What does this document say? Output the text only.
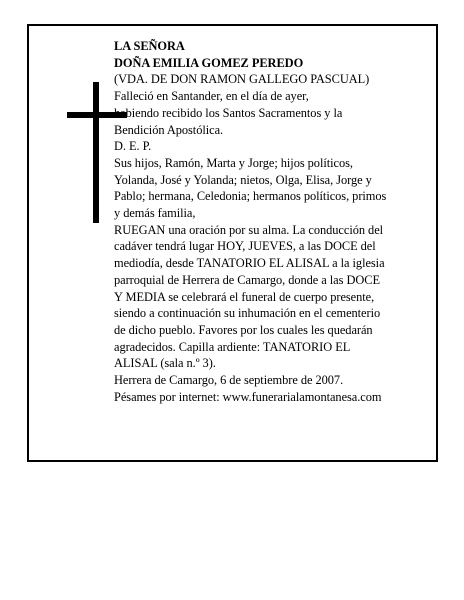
LA SEÑORA
DOÑA EMILIA GOMEZ PEREDO
(VDA. DE DON RAMON GALLEGO PASCUAL)
Falleció en Santander, en el día de ayer,
habiendo recibido los Santos Sacramentos y la
Bendición Apostólica.
D. E. P.
Sus hijos, Ramón, Marta y Jorge; hijos políticos,
Yolanda, José y Yolanda; nietos, Olga, Elisa, Jorge y
Pablo; hermana, Celedonia; hermanos políticos, primos
y demás familia,
RUEGAN una oración por su alma. La conducción del
cadáver tendrá lugar HOY, JUEVES, a las DOCE del
mediodía, desde TANATORIO EL ALISAL a la iglesia
parroquial de Herrera de Camargo, donde a las DOCE
Y MEDIA se celebrará el funeral de cuerpo presente,
siendo a continuación su inhumación en el cementerio
de dicho pueblo. Favores por los cuales les quedarán
agradecidos. Capilla ardiente: TANATORIO EL
ALISAL (sala n.º 3).
Herrera de Camargo, 6 de septiembre de 2007.
Pésames por internet: www.funerarialamontanesa.com
